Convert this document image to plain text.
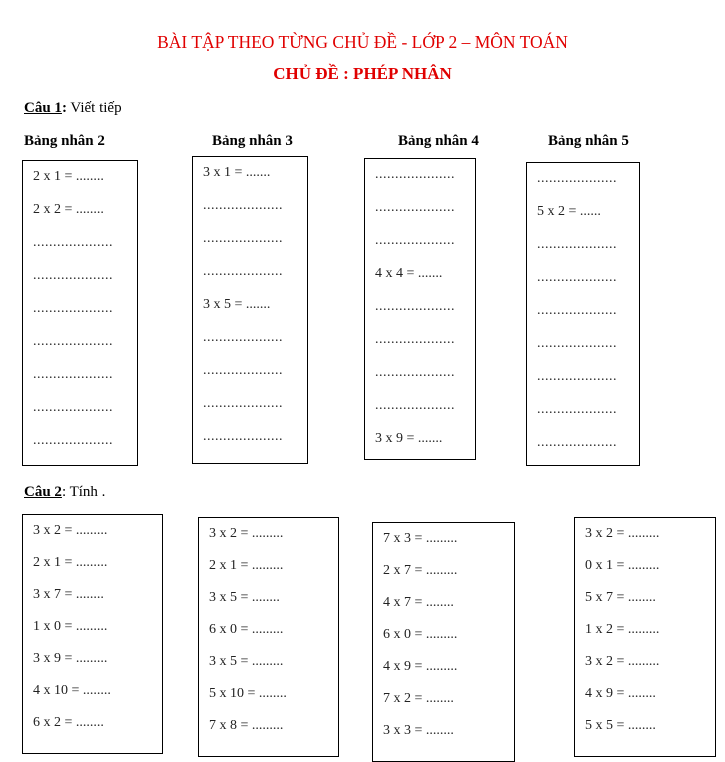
BÀI TẬP THEO TỪNG CHỦ ĐỀ - LỚP 2 – MÔN TOÁN
CHỦ ĐỀ : PHÉP NHÂN
Câu 1: Viết tiếp
Bảng nhân 2	Bảng nhân 3	Bảng nhân 4	Bảng nhân 5
2 x 1 = ........
2 x 2 = ........
....................
....................
....................
....................
....................
....................
....................
3 x 1 = .......
....................
....................
....................
3 x 5 = .......
....................
....................
....................
....................
....................
....................
....................
4 x 4 = .......
....................
....................
....................
....................
3 x 9 = .......
....................
5 x 2 = ......
....................
....................
....................
....................
....................
....................
....................
Câu 2: Tính .
3 x 2 = .........
2 x 1 = .........
3 x 7 = ........
1 x 0 = .........
3 x 9 = .........
4 x 10 = ........
6 x 2 = ........
3 x 2 = .........
2 x 1 = .........
3 x 5 = ........
6 x 0 = .........
3 x 5 = .........
5 x 10 = ........
7 x 8 = .........
7 x 3 = .........
2 x 7 = .........
4 x 7 = ........
6 x 0 = .........
4 x 9 = .........
7 x 2 = ........
3 x 3 = ........
3 x 2 = .........
0 x 1 = .........
5 x 7 = ........
1 x 2 = .........
3 x 2 = .........
4 x 9 = ........
5 x 5 = ........
